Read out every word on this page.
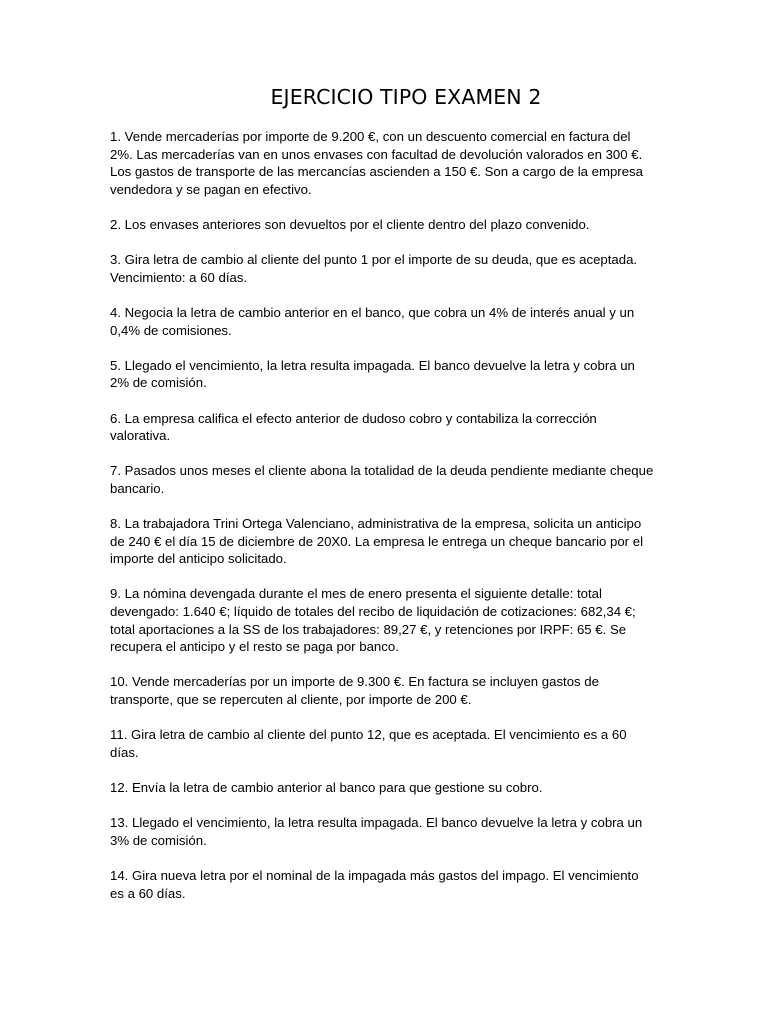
EJERCICIO TIPO EXAMEN 2
1. Vende mercaderías por importe de 9.200 €, con un descuento comercial en factura del 2%. Las mercaderías van en unos envases con facultad de devolución valorados en 300 €. Los gastos de transporte de las mercancías ascienden a 150 €. Son a cargo de la empresa vendedora y se pagan en efectivo.
2. Los envases anteriores son devueltos por el cliente dentro del plazo convenido.
3. Gira letra de cambio al cliente del punto 1 por el importe de su deuda, que es aceptada. Vencimiento: a 60 días.
4. Negocia la letra de cambio anterior en el banco, que cobra un 4% de interés anual y un 0,4% de comisiones.
5. Llegado el vencimiento, la letra resulta impagada. El banco devuelve la letra y cobra un 2% de comisión.
6. La empresa califica el efecto anterior de dudoso cobro y contabiliza la corrección valorativa.
7. Pasados unos meses el cliente abona la totalidad de la deuda pendiente mediante cheque bancario.
8. La trabajadora Trini Ortega Valenciano, administrativa de la empresa, solicita un anticipo de 240 € el día 15 de diciembre de 20X0. La empresa le entrega un cheque bancario por el importe del anticipo solicitado.
9. La nómina devengada durante el mes de enero presenta el siguiente detalle: total devengado: 1.640 €; líquido de totales del recibo de liquidación de cotizaciones: 682,34 €; total aportaciones a la SS de los trabajadores: 89,27 €, y retenciones por IRPF: 65 €. Se recupera el anticipo y el resto se paga por banco.
10. Vende mercaderías por un importe de 9.300 €. En factura se incluyen gastos de transporte, que se repercuten al cliente, por importe de 200 €.
11. Gira letra de cambio al cliente del punto 12, que es aceptada. El vencimiento es a 60 días.
12. Envía la letra de cambio anterior al banco para que gestione su cobro.
13. Llegado el vencimiento, la letra resulta impagada. El banco devuelve la letra y cobra un 3% de comisión.
14. Gira nueva letra por el nominal de la impagada más gastos del impago. El vencimiento es a 60 días.
